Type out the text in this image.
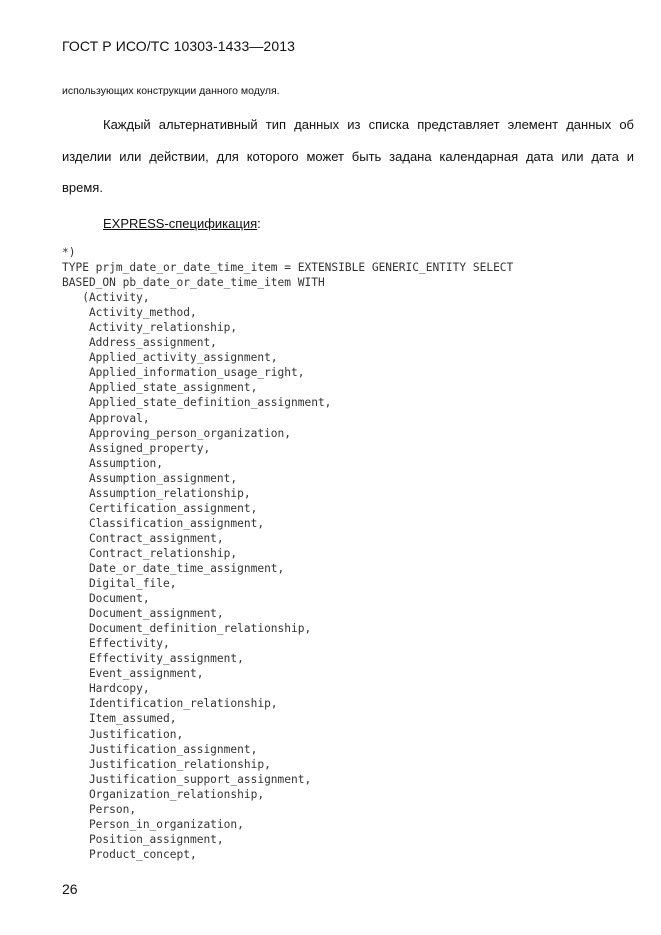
ГОСТ Р ИСО/ТС 10303-1433—2013
использующих конструкции данного модуля.
Каждый альтернативный тип данных из списка представляет элемент данных об
изделии или действии, для которого может быть задана календарная дата или дата и
время.
EXPRESS-спецификация:
*)
TYPE prjm_date_or_date_time_item = EXTENSIBLE GENERIC_ENTITY SELECT
BASED_ON pb_date_or_date_time_item WITH
(Activity,
Activity_method,
Activity_relationship,
Address_assignment,
Applied_activity_assignment,
Applied_information_usage_right,
Applied_state_assignment,
Applied_state_definition_assignment,
Approval,
Approving_person_organization,
Assigned_property,
Assumption,
Assumption_assignment,
Assumption_relationship,
Certification_assignment,
Classification_assignment,
Contract_assignment,
Contract_relationship,
Date_or_date_time_assignment,
Digital_file,
Document,
Document_assignment,
Document_definition_relationship,
Effectivity,
Effectivity_assignment,
Event_assignment,
Hardcopy,
Identification_relationship,
Item_assumed,
Justification,
Justification_assignment,
Justification_relationship,
Justification_support_assignment,
Organization_relationship,
Person,
Person_in_organization,
Position_assignment,
Product_concept,
26
